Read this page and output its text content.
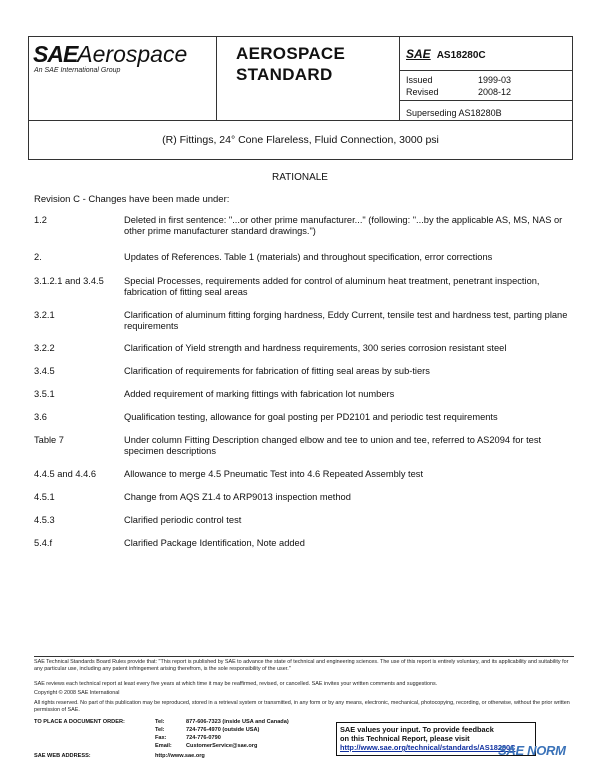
SAEAerospace
An SAE International Group
AEROSPACE
STANDARD
SAE AS18280C
Issued	1999-03
Revised	2008-12
Superseding AS18280B
(R) Fittings, 24° Cone Flareless, Fluid Connection, 3000 psi
RATIONALE
Revision C - Changes have been made under:
1.2	Deleted in first sentence: "...or other prime manufacturer..." (following: "...by the applicable AS, MS, NAS or other prime manufacturer standard drawings.")
2.	Updates of References. Table 1 (materials) and throughout specification, error corrections
3.1.2.1 and 3.4.5	Special Processes, requirements added for control of aluminum heat treatment, penetrant inspection, fabrication of fitting seal areas
3.2.1	Clarification of aluminum fitting forging hardness, Eddy Current, tensile test and hardness test, parting plane requirements
3.2.2	Clarification of Yield strength and hardness requirements, 300 series corrosion resistant steel
3.4.5	Clarification of requirements for fabrication of fitting seal areas by sub-tiers
3.5.1	Added requirement of marking fittings with fabrication lot numbers
3.6	Qualification testing, allowance for goal posting per PD2101 and periodic test requirements
Table 7	Under column Fitting Description changed elbow and tee to union and tee, referred to AS2094 for test specimen descriptions
4.4.5 and 4.4.6	Allowance to merge 4.5 Pneumatic Test into 4.6 Repeated Assembly test
4.5.1	Change from AQS Z1.4 to ARP9013 inspection method
4.5.3	Clarified periodic control test
5.4.f	Clarified Package Identification, Note added
SAE Technical Standards Board Rules provide that: "This report is published by SAE to advance the state of technical and engineering sciences. The use of this report is entirely voluntary, and its applicability and suitability for any particular use, including any patent infringement arising therefrom, is the sole responsibility of the user."
SAE reviews each technical report at least every five years at which time it may be reaffirmed, revised, or cancelled. SAE invites your written comments and suggestions.
Copyright © 2008 SAE International
All rights reserved. No part of this publication may be reproduced, stored in a retrieval system or transmitted, in any form or by any means, electronic, mechanical, photocopying, recording, or otherwise, without the prior written permission of SAE.
TO PLACE A DOCUMENT ORDER:	Tel:	877-606-7323 (inside USA and Canada)
Tel:	724-776-4970 (outside USA)
Fax:	724-776-0790
Email:	CustomerService@sae.org
SAE WEB ADDRESS:	http://www.sae.org
SAE values your input. To provide feedback
on this Technical Report, please visit
http://www.sae.org/technical/standards/AS18280C
SAE NORM
